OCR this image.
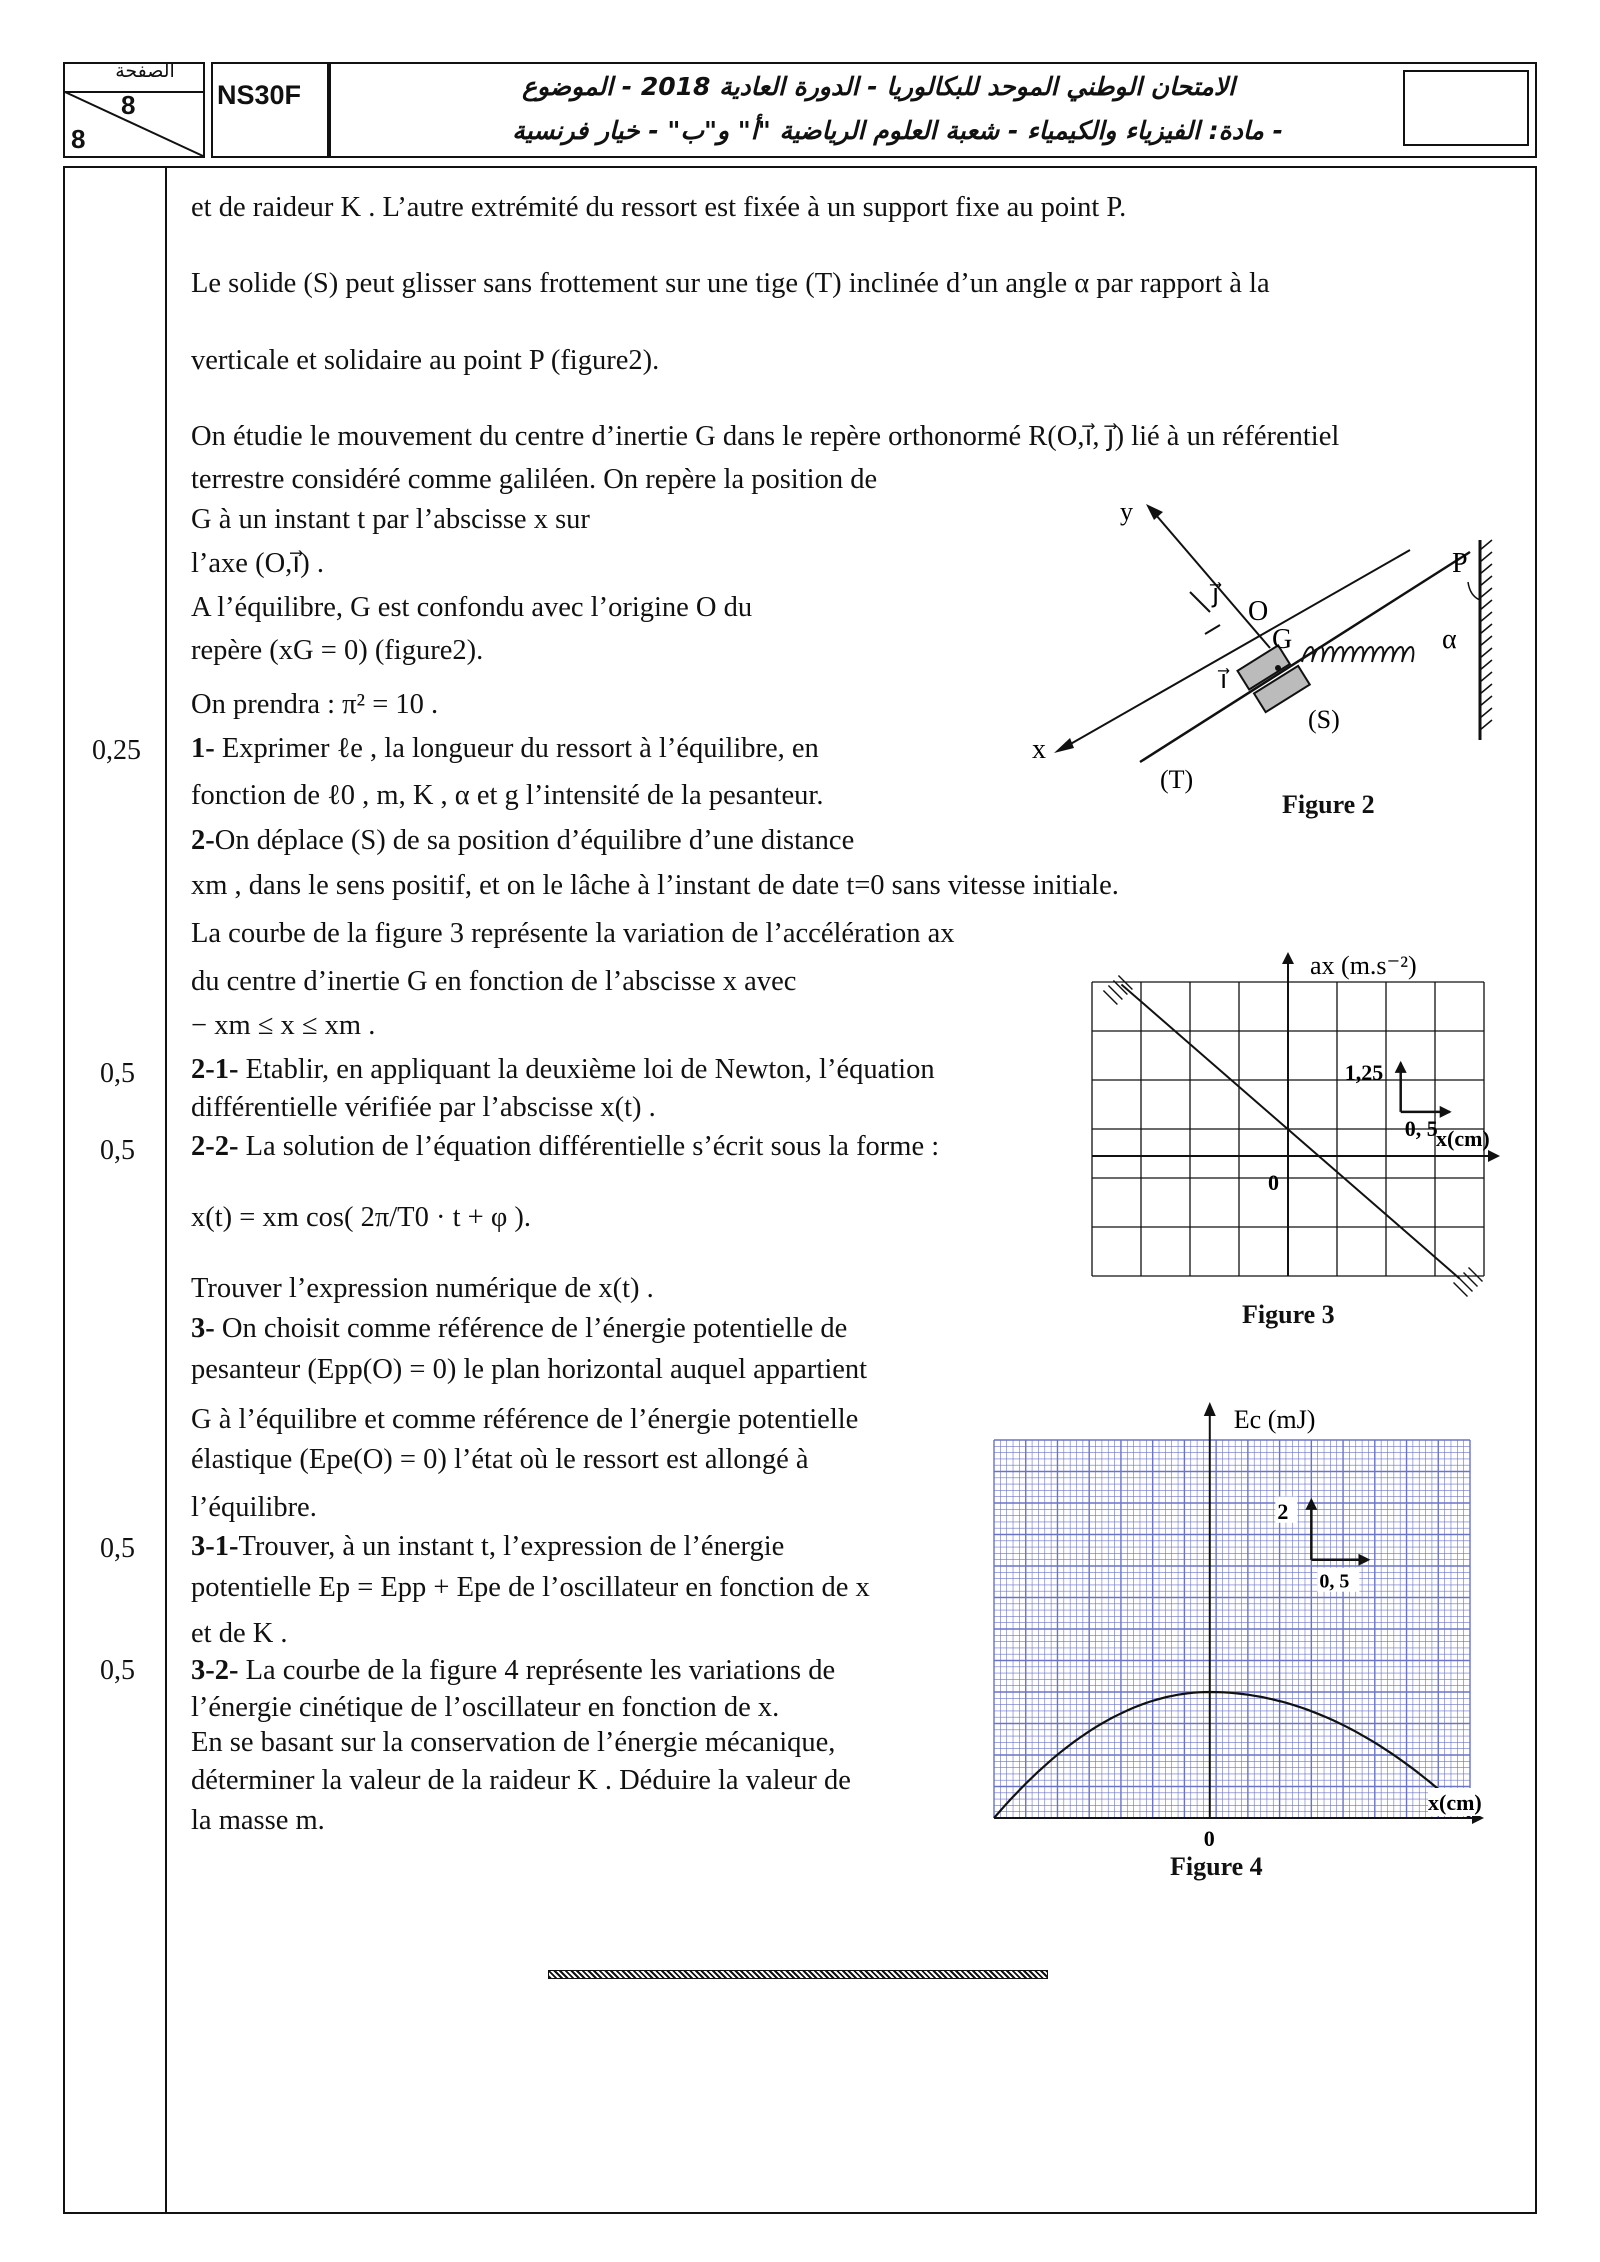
الصفحة
8
8
NS30F	الامتحان الوطني الموحد للبكالوريا - الدورة العادية 2018 - الموضوع
- مادة: الفيزياء والكيمياء - شعبة العلوم الرياضية "أ" و"ب" - خيار فرنسية
0,25
0,5
0,5
0,5
0,5
et de raideur K . L’autre extrémité du ressort est fixée à un support fixe au point P.
Le solide (S) peut glisser sans frottement sur une tige (T) inclinée d’un angle α par rapport à la
verticale et solidaire au point P (figure2).
On étudie le mouvement du centre d’inertie G dans le repère orthonormé R(O,i⃗, j⃗) lié à un référentiel
terrestre considéré comme galiléen. On repère la position de
G à un instant t par l’abscisse x sur
l’axe (O,i⃗) .
A l’équilibre, G est confondu avec l’origine O du
repère (xG = 0) (figure2).
On prendra : π² = 10 .
1- Exprimer ℓe , la longueur du ressort à l’équilibre, en
fonction de ℓ0 , m, K , α et g l’intensité de la pesanteur.
2-On déplace (S) de sa position d’équilibre d’une distance
xm , dans le sens positif, et on le lâche à l’instant de date t=0 sans vitesse initiale.
La courbe de la figure 3 représente la variation de l’accélération ax
du centre d’inertie G en fonction de l’abscisse x avec
− xm ≤ x ≤ xm .
2-1- Etablir, en appliquant la deuxième loi de Newton, l’équation
différentielle vérifiée par l’abscisse x(t) .
2-2- La solution de l’équation différentielle s’écrit sous la forme :
x(t) = xm cos( 2π/T0 · t + φ ).
Trouver l’expression numérique de x(t) .
3- On choisit comme référence de l’énergie potentielle de
pesanteur (Epp(O) = 0) le plan horizontal auquel appartient
G à l’équilibre et comme référence de l’énergie potentielle
élastique (Epe(O) = 0) l’état où le ressort est allongé à
l’équilibre.
3-1-Trouver, à un instant t, l’expression de l’énergie
potentielle Ep = Epp + Epe de l’oscillateur en fonction de x
et de K .
3-2- La courbe de la figure 4 représente les variations de
l’énergie cinétique de l’oscillateur en fonction de x.
En se basant sur la conservation de l’énergie mécanique,
déterminer la valeur de la raideur K . Déduire la valeur de
la masse m.
y
j⃗
O
G
i⃗
x
(S)
(T)
P
α
Figure 2
ax (m.s⁻²)
x(cm)
0
1,25
0, 5
Figure 3
Ec (mJ)
2
0, 5
x(cm)
0
Figure 4
